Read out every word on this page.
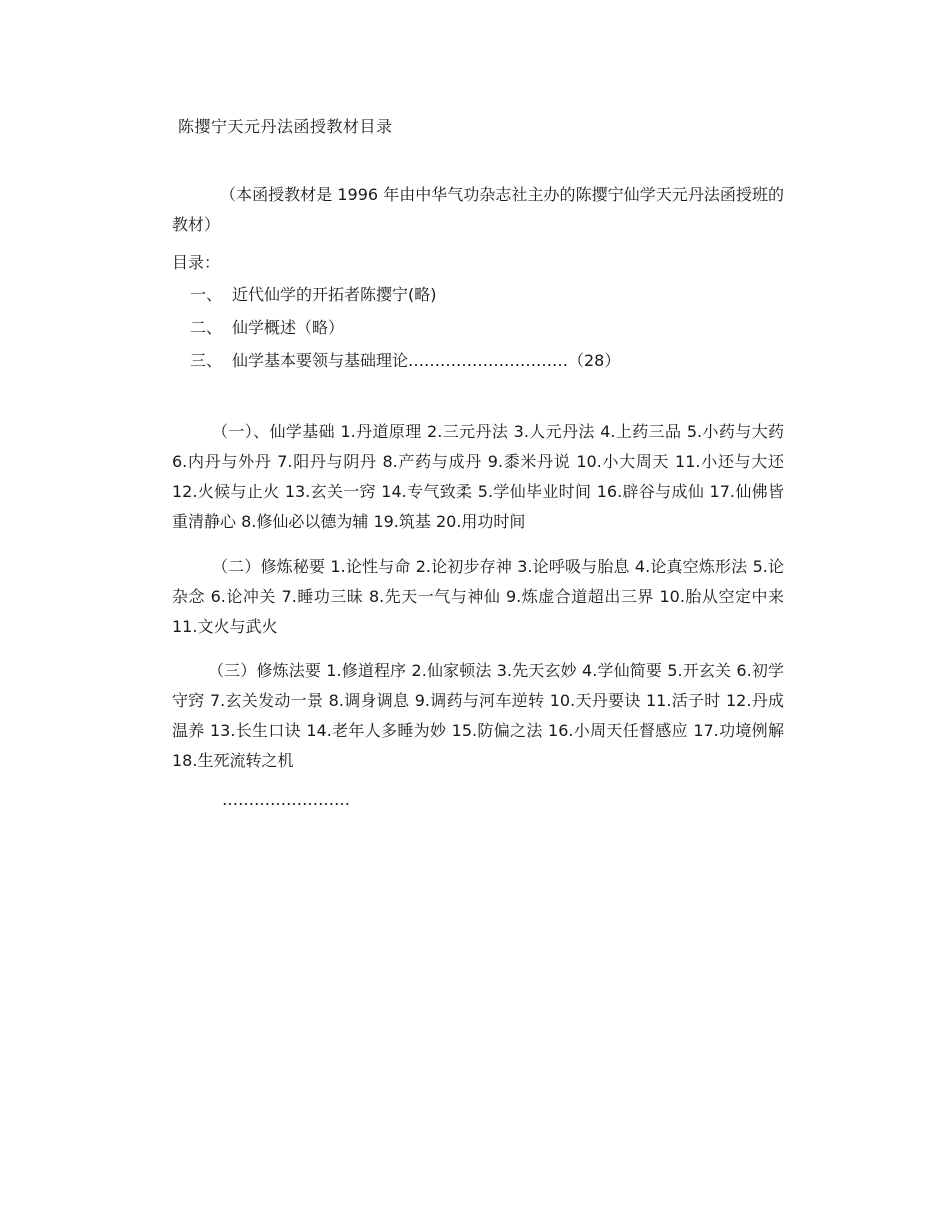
陈撄宁天元丹法函授教材目录
（本函授教材是 1996 年由中华气功杂志社主办的陈撄宁仙学天元丹法函授班的教材）
目录：
一、 近代仙学的开拓者陈撄宁(略)
二、 仙学概述（略）
三、 仙学基本要领与基础理论…………………………（28）
（一）、仙学基础 1.丹道原理 2.三元丹法 3.人元丹法 4.上药三品 5.小药与大药 6.内丹与外丹 7.阳丹与阴丹 8.产药与成丹 9.黍米丹说 10.小大周天 11.小还与大还 12.火候与止火 13.玄关一窍 14.专气致柔 5.学仙毕业时间 16.辟谷与成仙 17.仙佛皆重清静心 8.修仙必以德为辅 19.筑基 20.用功时间
（二）修炼秘要 1.论性与命 2.论初步存神 3.论呼吸与胎息 4.论真空炼形法 5.论杂念 6.论冲关 7.睡功三昧 8.先天一气与神仙 9.炼虚合道超出三界 10.胎从空定中来 11.文火与武火
（三）修炼法要 1.修道程序 2.仙家顿法 3.先天玄妙 4.学仙简要 5.开玄关 6.初学守窍 7.玄关发动一景 8.调身调息 9.调药与河车逆转 10.天丹要诀 11.活子时 12.丹成温养 13.长生口诀 14.老年人多睡为妙 15.防偏之法 16.小周天任督感应 17.功境例解 18.生死流转之机
……………………
